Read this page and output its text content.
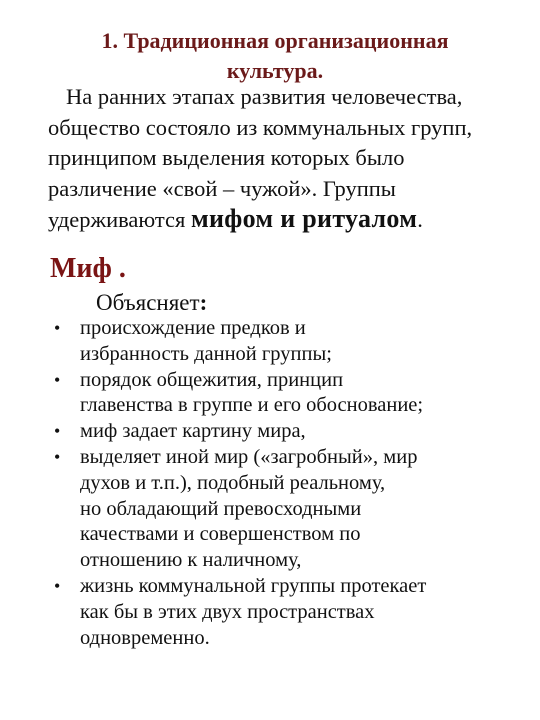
1. Традиционная организационная
культура.
На ранних этапах развития человечества,
общество состояло из коммунальных групп,
принципом выделения которых было
различение «свой – чужой». Группы
удерживаются мифом и ритуалом.
Миф .
Объясняет:
• происхождение предков и
избранность данной группы;
• порядок общежития, принцип
главенства в группе и его обоснование;
• миф задает картину мира,
• выделяет иной мир («загробный», мир
духов и т.п.), подобный реальному,
но обладающий превосходными
качествами и совершенством по
отношению к наличному,
• жизнь коммунальной группы протекает
как бы в этих двух пространствах
одновременно.
